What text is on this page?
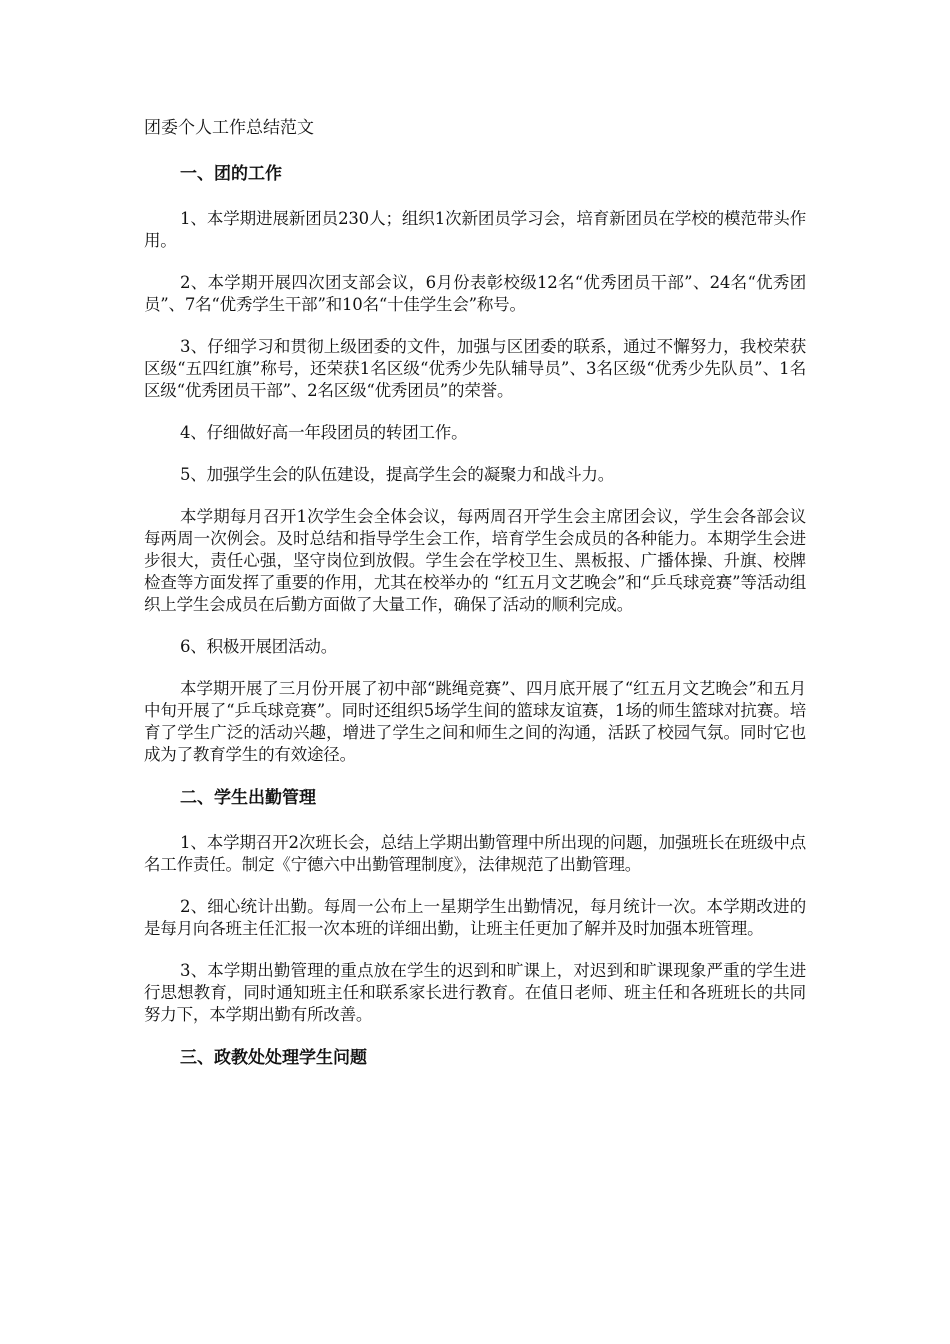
团委个人工作总结范文
一、团的工作

1、本学期进展新团员230人；组织1次新团员学习会，培育新团员在学校的模范带头作用。

2、本学期开展四次团支部会议，6月份表彰校级12名“优秀团员干部”、24名“优秀团员”、7名“优秀学生干部”和10名“十佳学生会”称号。

3、仔细学习和贯彻上级团委的文件，加强与区团委的联系，通过不懈努力，我校荣获区级“五四红旗”称号，还荣获1名区级“优秀少先队辅导员”、3名区级“优秀少先队员”、1名区级“优秀团员干部”、2名区级“优秀团员”的荣誉。

4、仔细做好高一年段团员的转团工作。

5、加强学生会的队伍建设，提高学生会的凝聚力和战斗力。

本学期每月召开1次学生会全体会议，每两周召开学生会主席团会议，学生会各部会议每两周一次例会。及时总结和指导学生会工作，培育学生会成员的各种能力。本期学生会进步很大，责任心强，坚守岗位到放假。学生会在学校卫生、黑板报、广播体操、升旗、校牌检查等方面发挥了重要的作用，尤其在校举办的 “红五月文艺晚会”和“乒乓球竞赛”等活动组织上学生会成员在后勤方面做了大量工作，确保了活动的顺利完成。

6、积极开展团活动。

本学期开展了三月份开展了初中部“跳绳竞赛”、四月底开展了“红五月文艺晚会”和五月中旬开展了“乒乓球竞赛”。同时还组织5场学生间的篮球友谊赛，1场的师生篮球对抗赛。培育了学生广泛的活动兴趣，增进了学生之间和师生之间的沟通，活跃了校园气氛。同时它也成为了教育学生的有效途径。

二、学生出勤管理

1、本学期召开2次班长会，总结上学期出勤管理中所出现的问题，加强班长在班级中点名工作责任。制定《宁德六中出勤管理制度》，法律规范了出勤管理。

2、细心统计出勤。每周一公布上一星期学生出勤情况，每月统计一次。本学期改进的是每月向各班主任汇报一次本班的详细出勤，让班主任更加了解并及时加强本班管理。

3、本学期出勤管理的重点放在学生的迟到和旷课上，对迟到和旷课现象严重的学生进行思想教育，同时通知班主任和联系家长进行教育。在值日老师、班主任和各班班长的共同努力下，本学期出勤有所改善。

三、政教处处理学生问题
